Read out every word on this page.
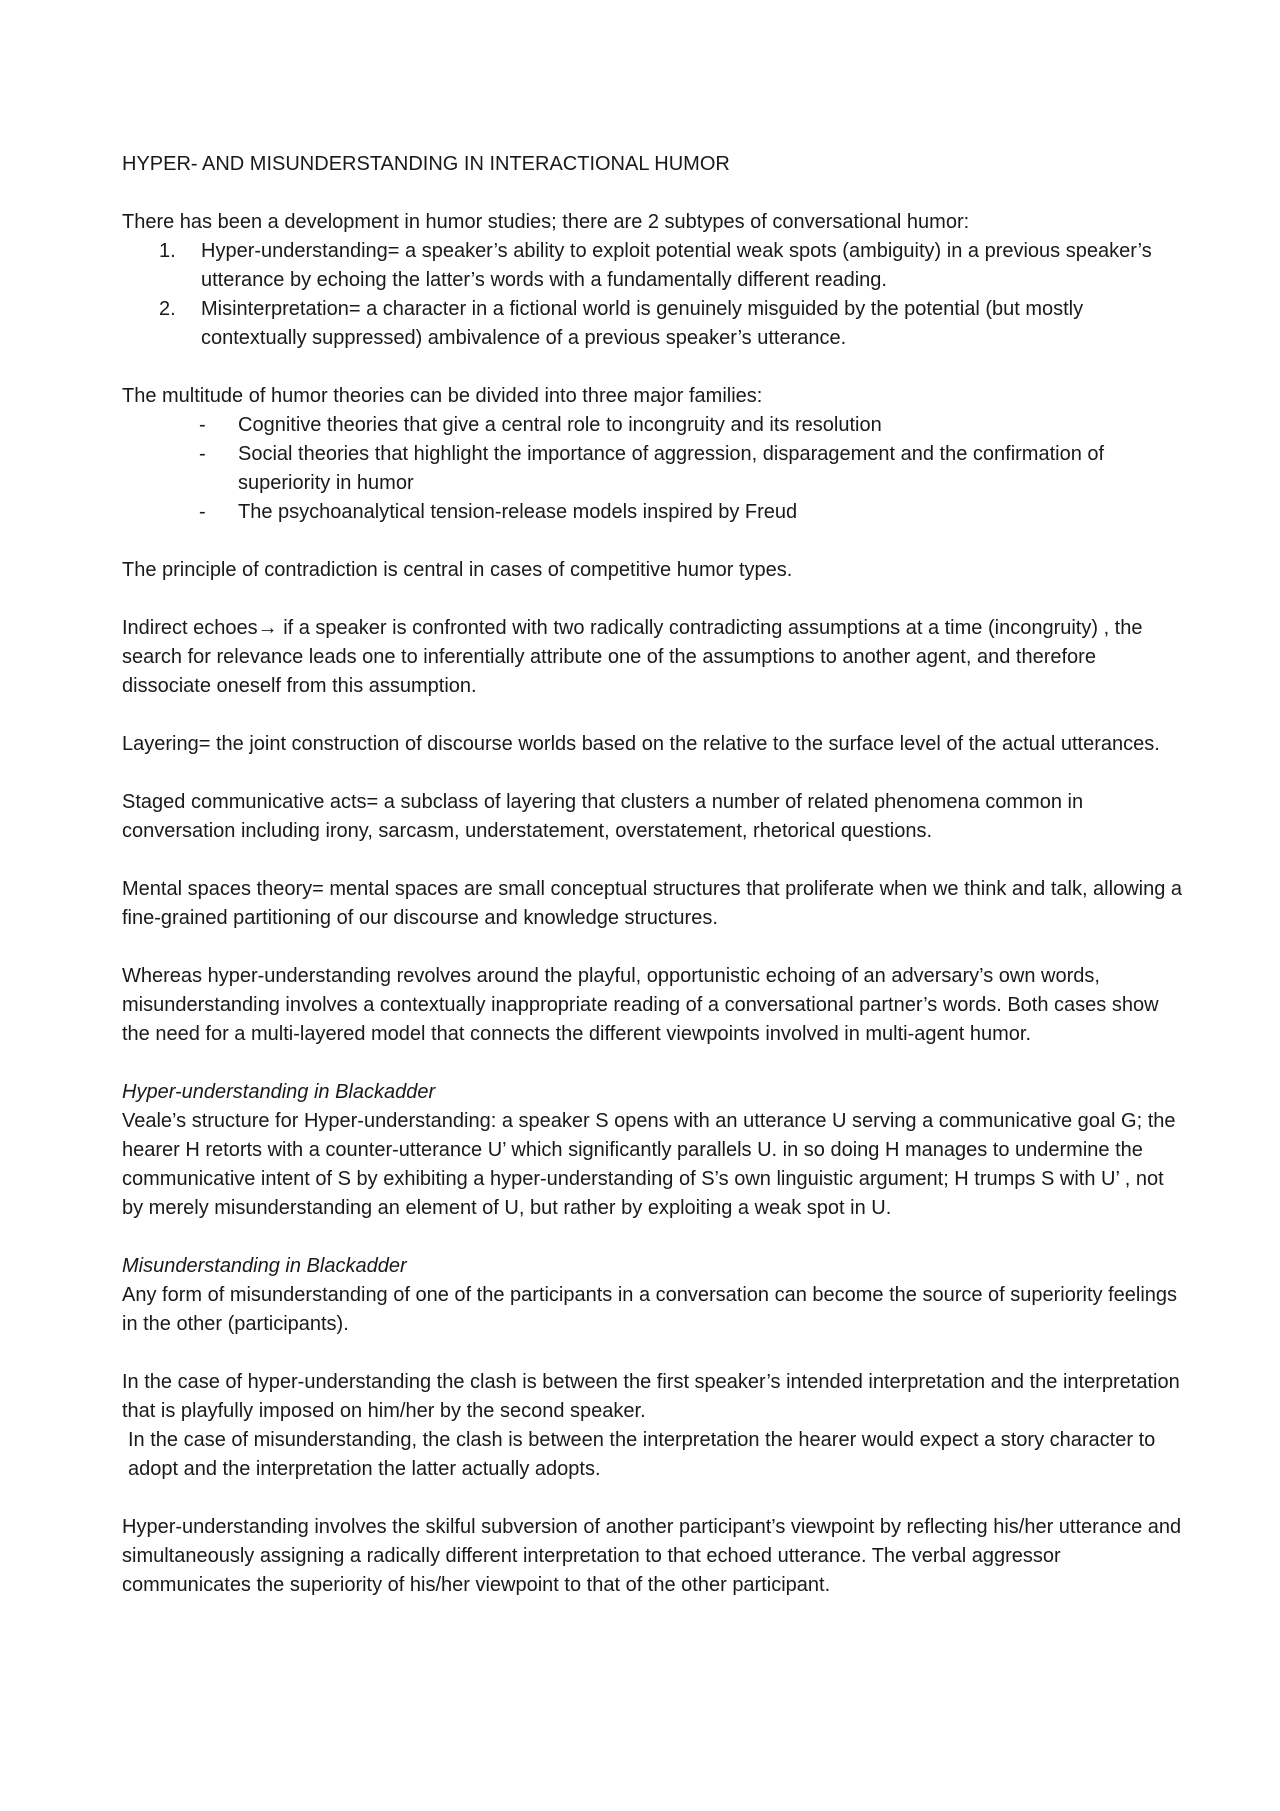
HYPER- AND MISUNDERSTANDING IN INTERACTIONAL HUMOR

There has been a development in humor studies; there are 2 subtypes of conversational humor:

1.	Hyper-understanding= a speaker’s ability to exploit potential weak spots (ambiguity) in a previous speaker’s utterance by echoing the latter’s words with a fundamentally different reading.
2.	Misinterpretation= a character in a fictional world is genuinely misguided by the potential (but mostly contextually suppressed) ambivalence of a previous speaker’s utterance.

The multitude of humor theories can be divided into three major families:

- Cognitive theories that give a central role to incongruity and its resolution
- Social theories that highlight the importance of aggression, disparagement and the confirmation of superiority in humor
- The psychoanalytical tension-release models inspired by Freud

The principle of contradiction is central in cases of competitive humor types.

Indirect echoes→ if a speaker is confronted with two radically contradicting assumptions at a time (incongruity) , the search for relevance leads one to inferentially attribute one of the assumptions to another agent, and therefore dissociate oneself from this assumption.

Layering= the joint construction of discourse worlds based on the relative to the surface level of the actual utterances.

Staged communicative acts= a subclass of layering that clusters a number of related phenomena common in conversation including irony, sarcasm, understatement, overstatement, rhetorical questions.

Mental spaces theory= mental spaces are small conceptual structures that proliferate when we think and talk, allowing a fine-grained partitioning of our discourse and knowledge structures.

Whereas hyper-understanding revolves around the playful, opportunistic echoing of an adversary’s own words, misunderstanding involves a contextually inappropriate reading of a conversational partner’s words. Both cases show the need for a multi-layered model that connects the different viewpoints involved in multi-agent humor.

Hyper-understanding in Blackadder

Veale’s structure for Hyper-understanding: a speaker S opens with an utterance U serving a communicative goal G; the hearer H retorts with a counter-utterance U’ which significantly parallels U. in so doing H manages to undermine the communicative intent of S by exhibiting a hyper-understanding of S’s own linguistic argument; H trumps S with U’ , not by merely misunderstanding an element of U, but rather by exploiting a weak spot in U.

Misunderstanding in Blackadder

Any form of misunderstanding of one of the participants in a conversation can become the source of superiority feelings in the other (participants).

In the case of hyper-understanding the clash is between the first speaker’s intended interpretation and the interpretation that is playfully imposed on him/her by the second speaker.

In the case of misunderstanding, the clash is between the interpretation the hearer would expect a story character to adopt and the interpretation the latter actually adopts.

Hyper-understanding involves the skilful subversion of another participant’s viewpoint by reflecting his/her utterance and simultaneously assigning a radically different interpretation to that echoed utterance. The verbal aggressor communicates the superiority of his/her viewpoint to that of the other participant.
